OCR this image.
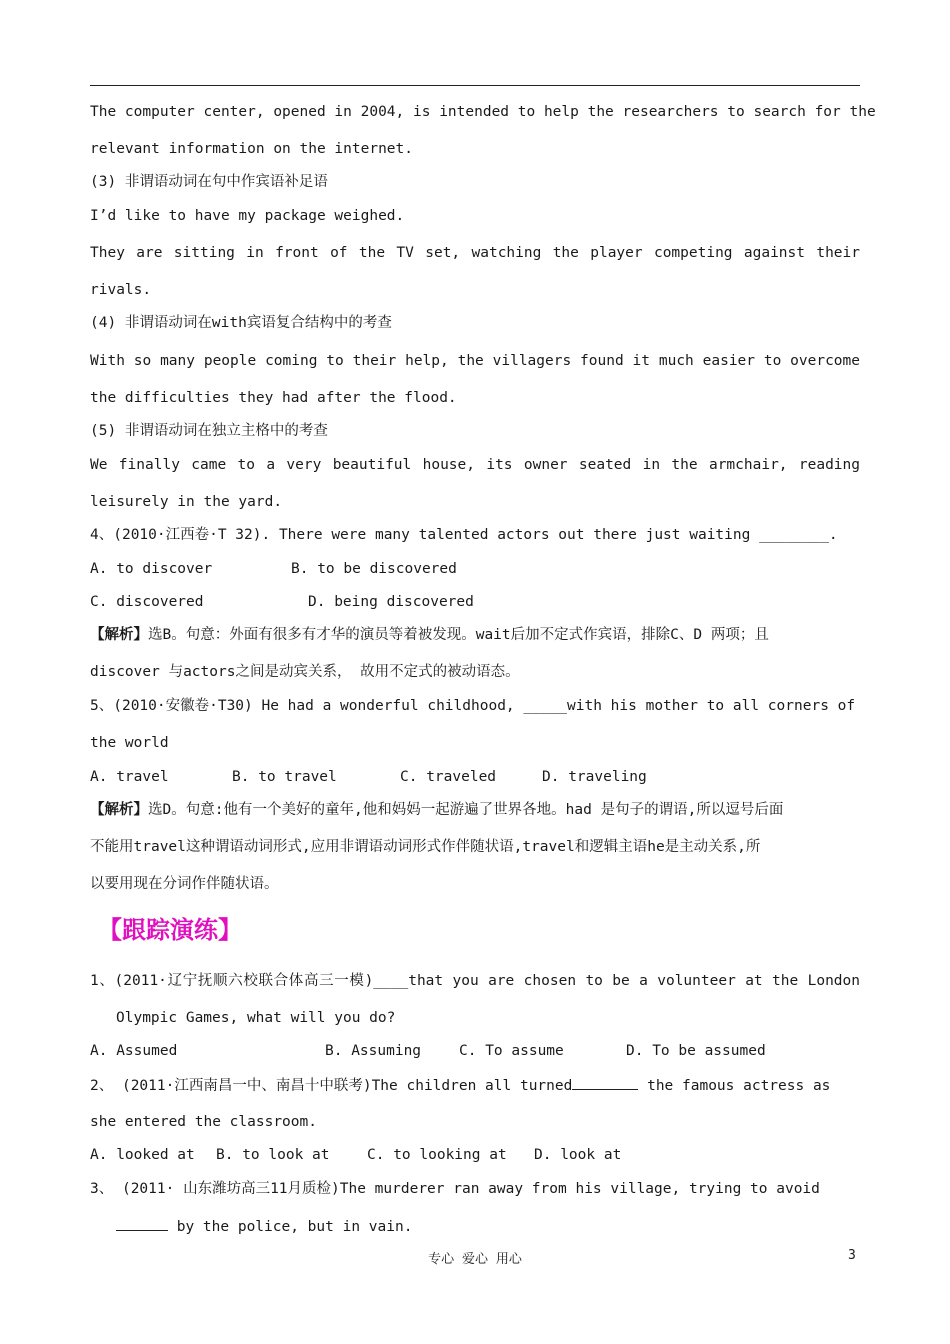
The computer center, opened in 2004, is intended to help the researchers to search for the
relevant information on the internet.
(3) 非谓语动词在句中作宾语补足语
I’d like to have my package weighed.
They are sitting in front of the TV set, watching the player competing against their
rivals.
(4) 非谓语动词在with宾语复合结构中的考查
With so many people coming to their help, the villagers found it much easier to overcome
the difficulties they had after the flood.
(5) 非谓语动词在独立主格中的考查
We finally came to a very beautiful house, its owner seated in the armchair, reading
leisurely in the yard.
4、(2010·江西卷·T 32). There were many talented actors out there just waiting ________.
A. to discover	B. to be discovered
C. discovered	D. being discovered
【解析】选B。句意：外面有很多有才华的演员等着被发现。wait后加不定式作宾语，排除C、D 两项；且
discover 与actors之间是动宾关系， 故用不定式的被动语态。
5、(2010·安徽卷·T30) He had a wonderful childhood, _____with his mother to all corners of
the world
A. travel	B. to travel	C. traveled	D. traveling
【解析】选D。句意:他有一个美好的童年,他和妈妈一起游遍了世界各地。had 是句子的谓语,所以逗号后面
不能用travel这种谓语动词形式,应用非谓语动词形式作伴随状语,travel和逻辑主语he是主动关系,所
以要用现在分词作伴随状语。
【跟踪演练】
1、(2011·辽宁抚顺六校联合体高三一模)____that you are chosen to be a volunteer at the London
Olympic Games, what will you do?
A. Assumed	B. Assuming	C. To assume	D. To be assumed
2、 (2011·江西南昌一中、南昌十中联考)The children all turned	the famous actress as
she entered the classroom.
A. looked at B. to look at	C. to looking at D. look at
3、 (2011· 山东潍坊高三11月质检)The murderer ran away from his village, trying to avoid
by the police, but in vain.
专心 爱心 用心	3
